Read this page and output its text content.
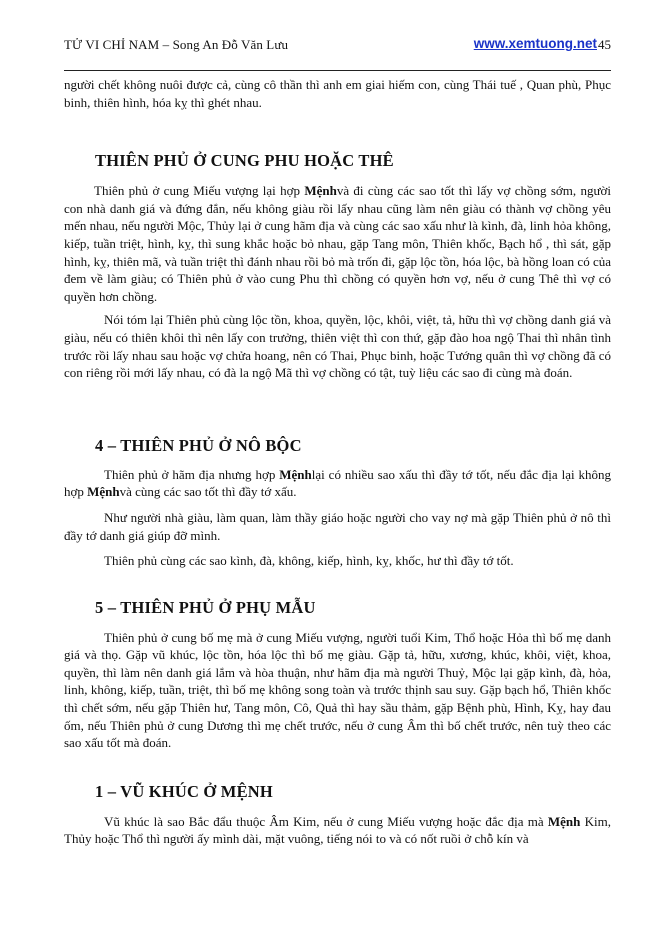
TỬ VI CHỈ NAM – Song An Đỗ Văn Lưu	www.xemtuong.net 45

người chết không nuôi được cả, cùng cô thần thì anh em giai hiếm con, cùng Thái tuế , Quan phù, Phục binh, thiên hình, hóa kỵ thì ghét nhau.

THIÊN PHỦ Ở CUNG PHU HOẶC THÊ

Thiên phủ ở cung Miếu vượng lại hợp Mệnhvà đi cùng các sao tốt thì lấy vợ chồng sớm, người con nhà danh giá và đứng đắn, nếu không giàu rồi lấy nhau cũng làm nên giàu có thành vợ chồng yêu mến nhau, nếu người Mộc, Thủy lại ở cung hãm địa và cùng các sao xấu như là kình, đà, linh hỏa không, kiếp, tuần triệt, hình, kỵ, thì sung khắc hoặc bỏ nhau, gặp Tang môn, Thiên khốc, Bạch hổ , thì sát, gặp hình, kỵ, thiên mã, và tuần triệt thì đánh nhau rồi bỏ mà trốn đi, gặp lộc tồn, hóa lộc, bà hồng loan có của đem về làm giàu; có Thiên phủ ở vào cung Phu thì chồng có quyền hơn vợ, nếu ở cung Thê thì vợ có quyền hơn chồng.

Nói tóm lại Thiên phủ cùng lộc tồn, khoa, quyền, lộc, khôi, việt, tả, hữu thì vợ chồng danh giá và giàu, nếu có thiên khôi thì nên lấy con trưởng, thiên việt thì con thứ, gặp đào hoa ngộ Thai thì nhân tình trước rồi lấy nhau sau hoặc vợ chửa hoang, nên có Thai, Phục binh, hoặc Tướng quân thì vợ chồng đã có con riêng rồi mới lấy nhau, có đà la ngộ Mã thì vợ chồng có tật, tuỳ liệu các sao đi cùng mà đoán.

4 – THIÊN PHỦ Ở NÔ BỘC

Thiên phủ ở hãm địa nhưng hợp Mệnhlại có nhiều sao xấu thì đầy tớ tốt, nếu đắc địa lại không hợp Mệnhvà cùng các sao tốt thì đầy tớ xấu.

Như người nhà giàu, làm quan, làm thầy giáo hoặc người cho vay nợ mà gặp Thiên phủ ở nô thì đầy tớ danh giá giúp đỡ mình.

Thiên phủ cùng các sao kình, đà, không, kiếp, hình, kỵ, khốc, hư thì đầy tớ tốt.

5 – THIÊN PHỦ Ở PHỤ MẪU

Thiên phủ ở cung bố mẹ mà ở cung Miếu vượng, người tuổi Kim, Thổ hoặc Hỏa thì bố mẹ danh giá và thọ. Gặp vũ khúc, lộc tồn, hóa lộc thì bố mẹ giàu. Gặp tả, hữu, xương, khúc, khôi, việt, khoa, quyền, thì làm nên danh giá lắm và hòa thuận, như hãm địa mà người Thuỷ, Mộc lại gặp kình, đà, hỏa, linh, không, kiếp, tuần, triệt, thì bố mẹ không song toàn và trước thịnh sau suy. Gặp bạch hổ, Thiên khốc thì chết sớm, nếu gặp Thiên hư, Tang môn, Cô, Quả thì hay sầu thảm, gặp Bệnh phù, Hình, Kỵ, hay đau ốm, nếu Thiên phủ ở cung Dương thì mẹ chết trước, nếu ở cung Âm thì bố chết trước, nên tuỳ theo các sao xấu tốt mà đoán.

1 – VŨ KHÚC Ở MỆNH

Vũ khúc là sao Bắc đẩu thuộc Âm Kim, nếu ở cung Miếu vượng hoặc đắc địa mà Mệnh Kim, Thủy hoặc Thổ thì người ấy mình dài, mặt vuông, tiếng nói to và có nốt ruồi ở chỗ kín và
